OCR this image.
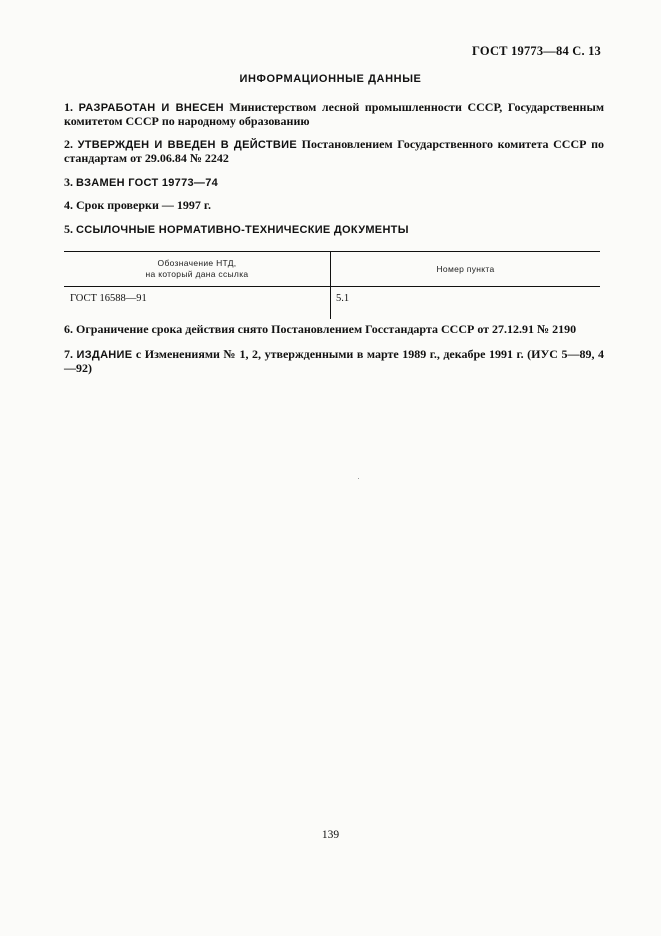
ГОСТ 19773—84 С. 13
ИНФОРМАЦИОННЫЕ ДАННЫЕ
1. РАЗРАБОТАН И ВНЕСЕН Министерством лесной промышленности СССР, Государственным комитетом СССР по народному образованию
2. УТВЕРЖДЕН И ВВЕДЕН В ДЕЙСТВИЕ Постановлением Государственного комитета СССР по стандартам от 29.06.84 № 2242
3. ВЗАМЕН ГОСТ 19773—74
4. Срок проверки — 1997 г.
5. ССЫЛОЧНЫЕ НОРМАТИВНО-ТЕХНИЧЕСКИЕ ДОКУМЕНТЫ
Обозначение НТД,
на который дана ссылка	Номер пункта
ГОСТ 16588—91	5.1
6. Ограничение срока действия снято Постановлением Госстандарта СССР от 27.12.91 № 2190
7. ИЗДАНИЕ с Изменениями № 1, 2, утвержденными в марте 1989 г., декабре 1991 г. (ИУС 5—89, 4—92)
139
